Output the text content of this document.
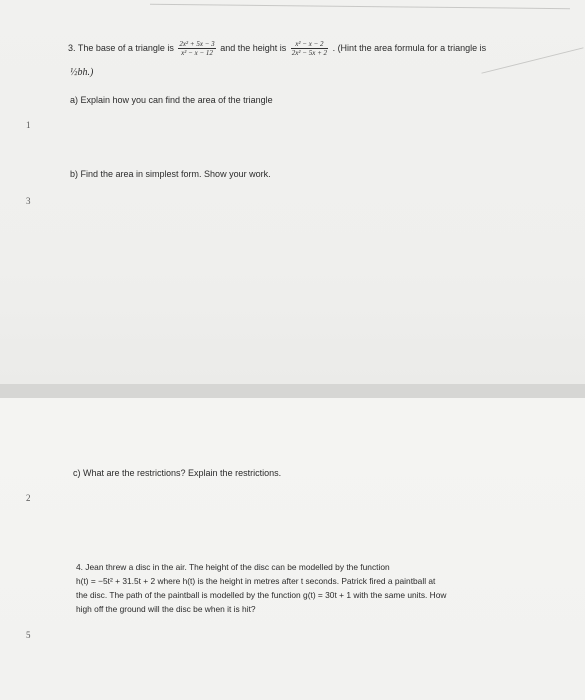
1
3
2
5
3. The base of a triangle is $\frac{\text{2x² + 5x − 3}}{\text{x² − x − 12}}$ and the height is $\frac{\text{x² − x − 2}}{\text{2x² − 5x + 2}}$ . (Hint the area formula for a triangle is
½bh.)
a) Explain how you can find the area of the triangle
b) Find the area in simplest form. Show your work.
c) What are the restrictions? Explain the restrictions.
4. Jean threw a disc in the air. The height of the disc can be modelled by the function
h(t) = −5t² + 31.5t + 2 where h(t) is the height in metres after t seconds. Patrick fired a paintball at
the disc. The path of the paintball is modelled by the function g(t) = 30t + 1 with the same units. How
high off the ground will the disc be when it is hit?
